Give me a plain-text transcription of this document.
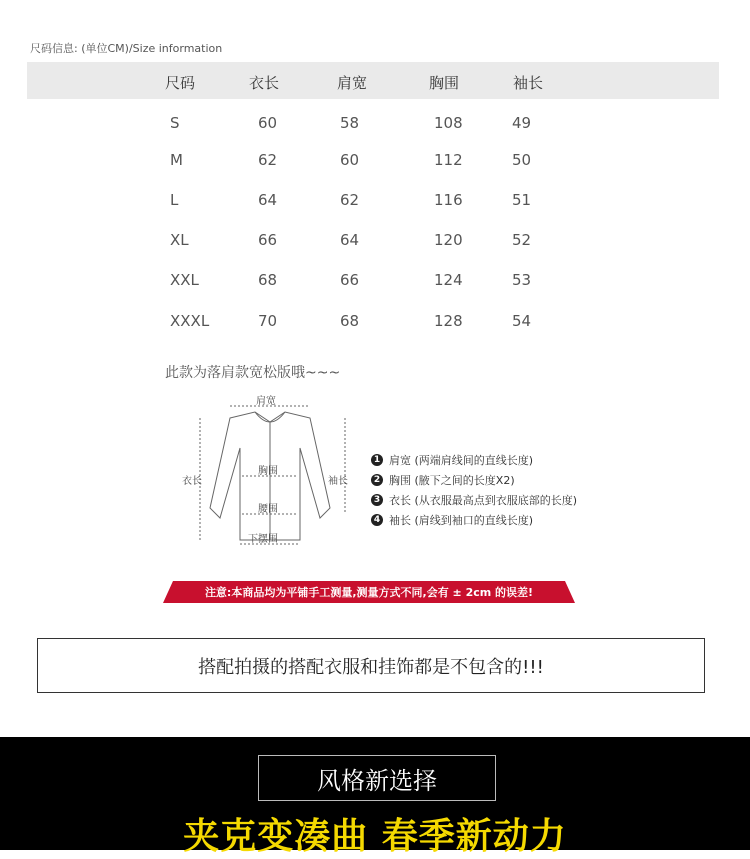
尺码信息: (单位CM)/Size information
尺码	衣长	肩宽	胸围	袖长
S	60	58	108	49
M	62	60	112	50
L	64	62	116	51
XL	66	64	120	52
XXL	68	66	124	53
XXXL	70	68	128	54
此款为落肩款宽松版哦~~~
肩宽
胸围
衣长	袖长
腰围
下摆围
1 肩宽 (两端肩线间的直线长度)
2 胸围 (腋下之间的长度X2)
3 衣长 (从衣服最高点到衣服底部的长度)
4 袖长 (肩线到袖口的直线长度)
注意:本商品均为平铺手工测量,测量方式不同,会有 ± 2cm 的误差!
搭配拍摄的搭配衣服和挂饰都是不包含的!!!
风格新选择
夹克变凑曲 春季新动力
